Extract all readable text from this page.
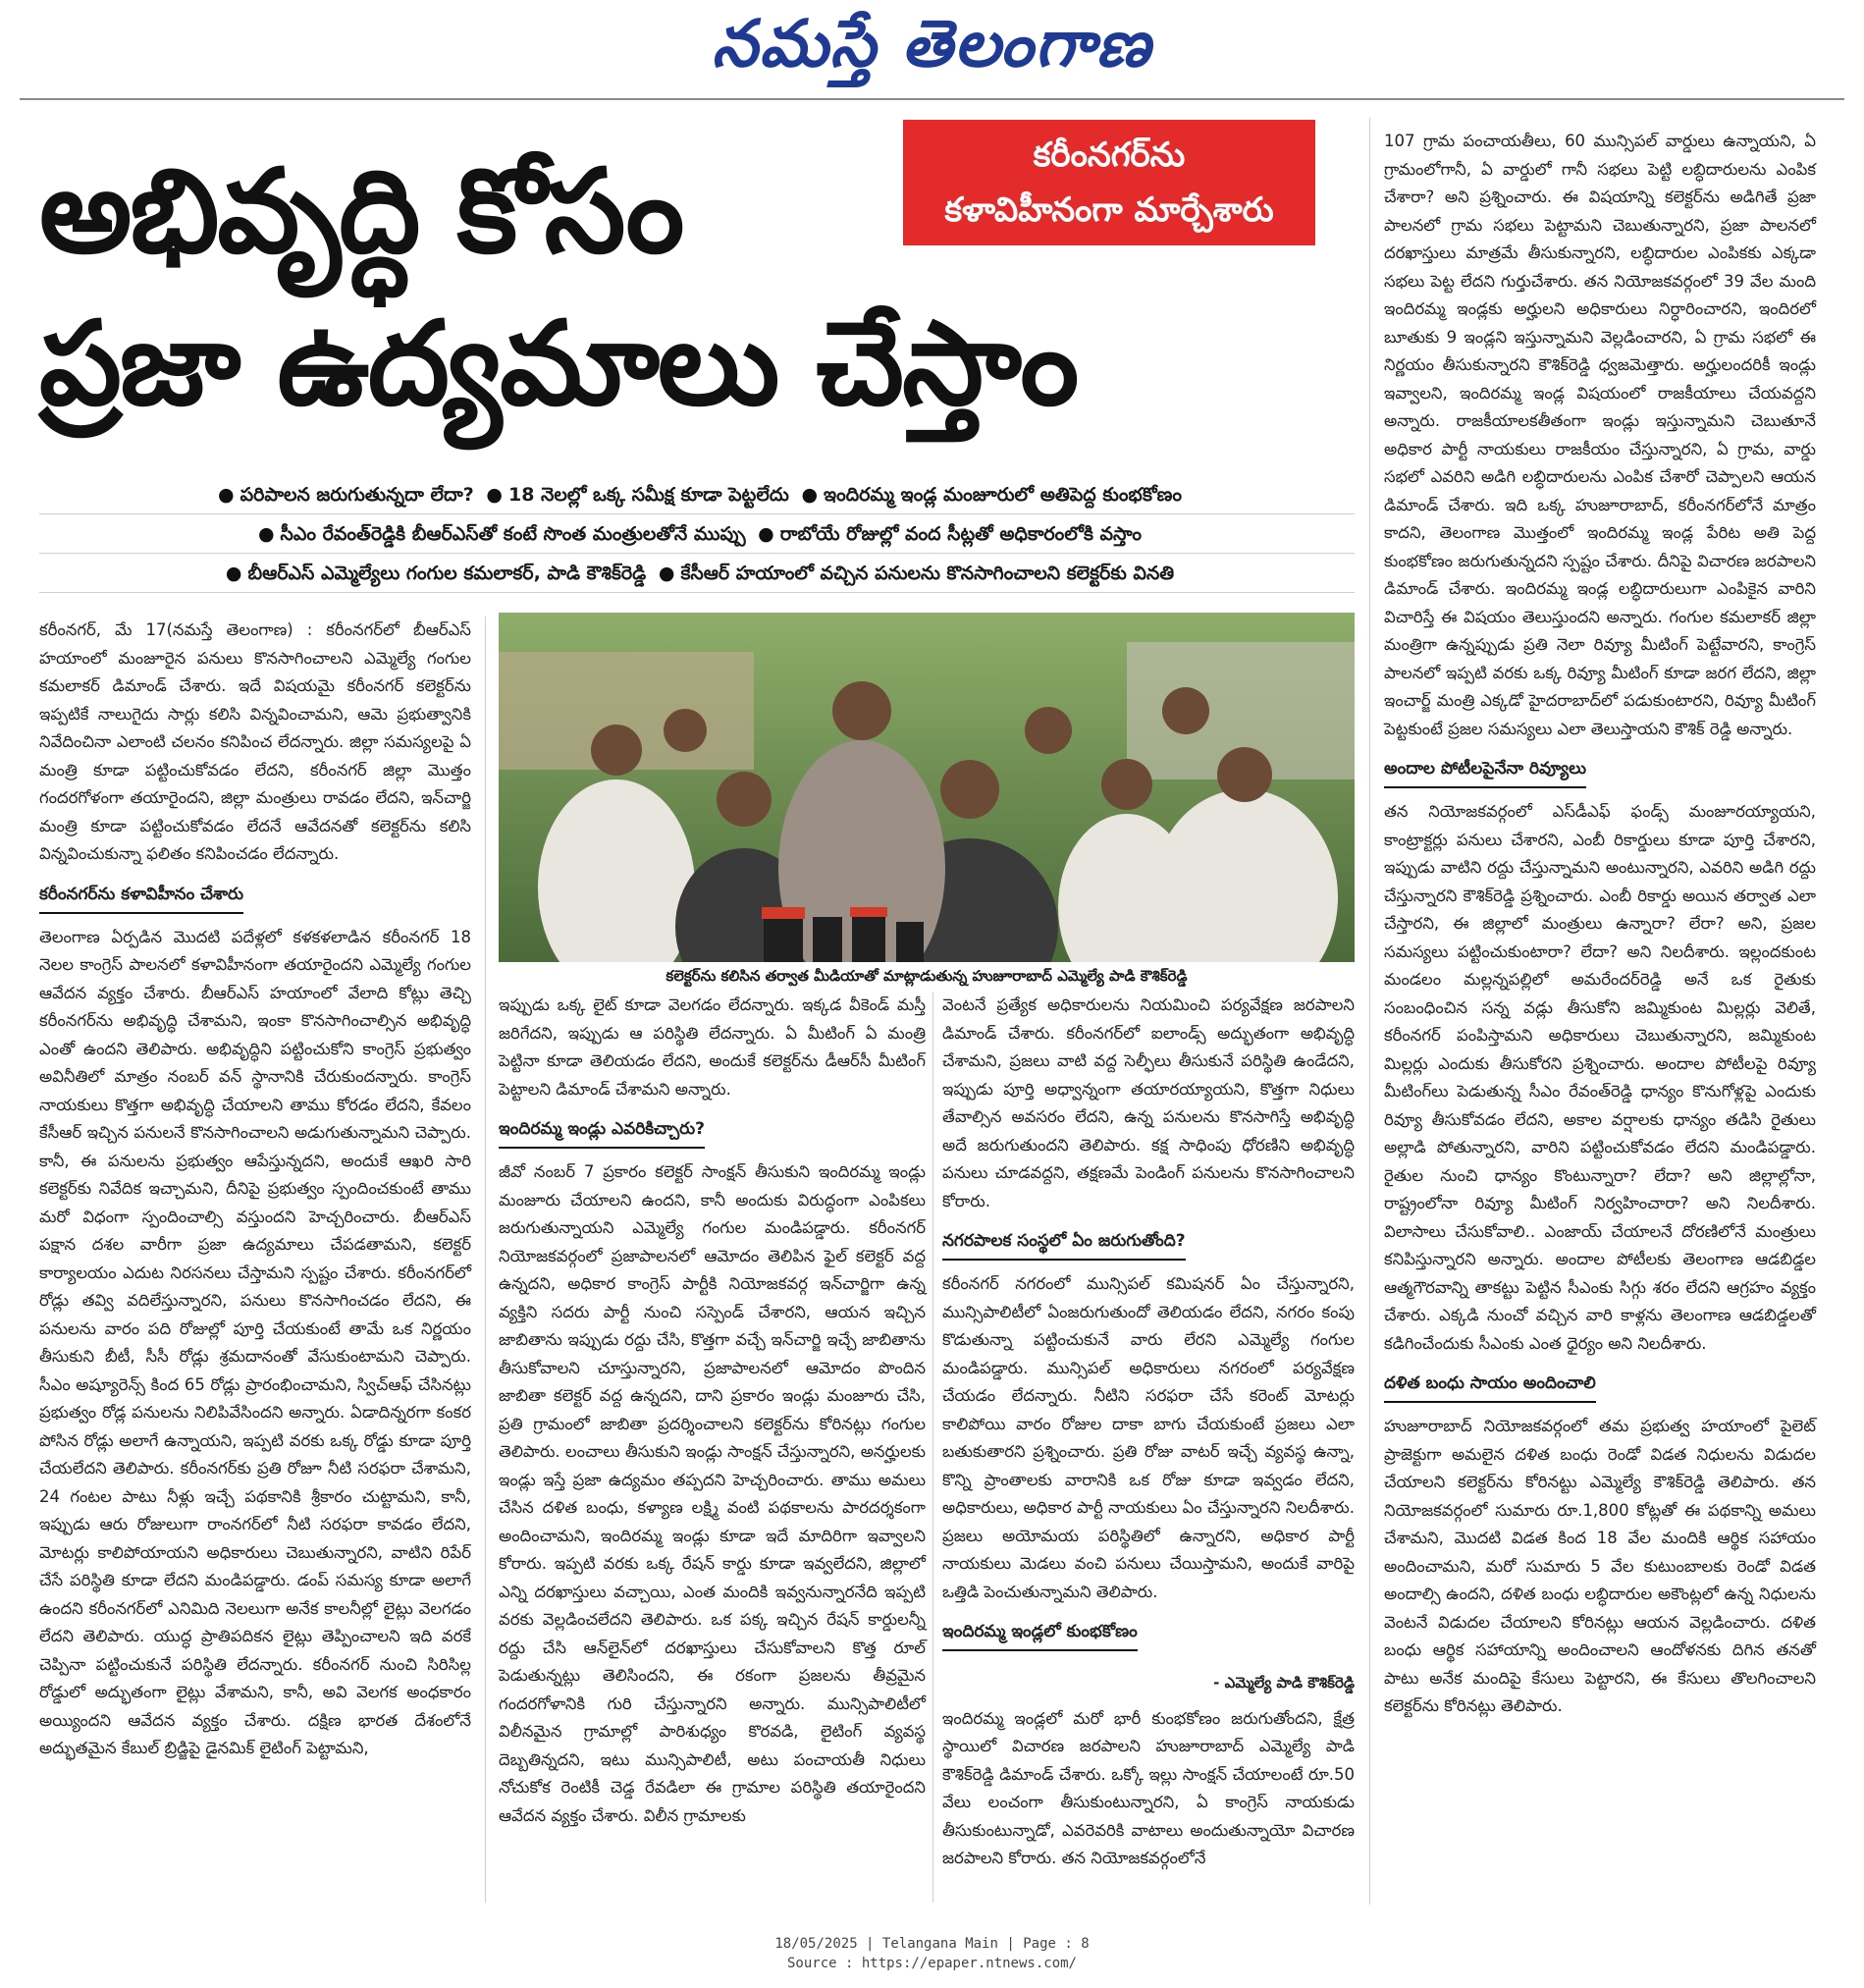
నమస్తే తెలంగాణ
అభివృద్ధి కోసం
ప్రజా ఉద్యమాలు చేస్తాం
కరీంనగర్‌ను
కళావిహీనంగా మార్చేశారు
● పరిపాలన జరుగుతున్నదా లేదా? ● 18 నెలల్లో ఒక్క సమీక్ష కూడా పెట్టలేదు ● ఇందిరమ్మ ఇండ్ల మంజూరులో అతిపెద్ద కుంభకోణం
● సీఎం రేవంత్‌రెడ్డికి బీఆర్‌ఎస్‌తో కంటే సొంత మంత్రులతోనే ముప్పు ● రాబోయే రోజుల్లో వంద సీట్లతో అధికారంలోకి వస్తాం
● బీఆర్‌ఎస్ ఎమ్మెల్యేలు గంగుల కమలాకర్, పాడి కౌశిక్‌రెడ్డి ● కేసీఆర్ హయాంలో వచ్చిన పనులను కొనసాగించాలని కలెక్టర్‌కు వినతి
కలెక్టర్‌ను కలిసిన తర్వాత మీడియాతో మాట్లాడుతున్న హుజూరాబాద్ ఎమ్మెల్యే పాడి కౌశిక్‌రెడ్డి

కరీంనగర్, మే 17(నమస్తే తెలంగాణ) : కరీంనగర్‌లో బీఆర్‌ఎస్ హయాంలో మంజూరైన పనులు కొనసాగించాలని ఎమ్మెల్యే గంగుల కమలాకర్ డిమాండ్ చేశారు. ఇదే విషయమై కరీంనగర్ కలెక్టర్‌ను ఇప్పటికే నాలుగైదు సార్లు కలిసి విన్నవించామని, ఆమె ప్రభుత్వానికి నివేదించినా ఎలాంటి చలనం కనిపించ లేదన్నారు. జిల్లా సమస్యలపై ఏ మంత్రి కూడా పట్టించుకోవడం లేదని, కరీంనగర్ జిల్లా మొత్తం గందరగోళంగా తయారైందని, జిల్లా మంత్రులు రావడం లేదని, ఇన్‌చార్జి మంత్రి కూడా పట్టించుకోవడం లేదనే ఆవేదనతో కలెక్టర్‌ను కలిసి విన్నవించుకున్నా ఫలితం కనిపించడం లేదన్నారు.

కరీంనగర్‌ను కళావిహీనం చేశారు

తెలంగాణ ఏర్పడిన మొదటి పదేళ్లలో కళకళలాడిన కరీంనగర్ 18 నెలల కాంగ్రెస్ పాలనలో కళావిహీనంగా తయారైందని ఎమ్మెల్యే గంగుల ఆవేదన వ్యక్తం చేశారు. బీఆర్‌ఎస్ హయాంలో వేలాది కోట్లు తెచ్చి కరీంనగర్‌ను అభివృద్ధి చేశామని, ఇంకా కొనసాగించాల్సిన అభివృద్ధి ఎంతో ఉందని తెలిపారు. అభివృద్ధిని పట్టించుకోని కాంగ్రెస్ ప్రభుత్వం అవినీతిలో మాత్రం నంబర్ వన్ స్థానానికి చేరుకుందన్నారు. కాంగ్రెస్ నాయకులు కొత్తగా అభివృద్ధి చేయాలని తాము కోరడం లేదని, కేవలం కేసీఆర్ ఇచ్చిన పనులనే కొనసాగించాలని అడుగుతున్నామని చెప్పారు. కానీ, ఈ పనులను ప్రభుత్వం ఆపేస్తున్నదని, అందుకే ఆఖరి సారి కలెక్టర్‌కు నివేదిక ఇచ్చామని, దీనిపై ప్రభుత్వం స్పందించకుంటే తాము మరో విధంగా స్పందించాల్సి వస్తుందని హెచ్చరించారు. బీఆర్‌ఎస్ పక్షాన దశల వారీగా ప్రజా ఉద్యమాలు చేపడతామని, కలెక్టర్ కార్యాలయం ఎదుట నిరసనలు చేస్తామని స్పష్టం చేశారు. కరీంనగర్‌లో రోడ్లు తవ్వి వదిలేస్తున్నారని, పనులు కొనసాగించడం లేదని, ఈ పనులను వారం పది రోజుల్లో పూర్తి చేయకుంటే తామే ఒక నిర్ణయం తీసుకుని బీటీ, సీసీ రోడ్లు శ్రమదానంతో వేసుకుంటామని చెప్పారు. సీఎం అష్యూరెన్స్ కింద 65 రోడ్లు ప్రారంభించామని, స్విచ్ఆఫ్ చేసినట్లు ప్రభుత్వం రోడ్ల పనులను నిలిపివేసిందని అన్నారు. ఏడాదిన్నరగా కంకర పోసిన రోడ్లు అలాగే ఉన్నాయని, ఇప్పటి వరకు ఒక్క రోడ్డు కూడా పూర్తి చేయలేదని తెలిపారు. కరీంనగర్‌కు ప్రతి రోజూ నీటి సరఫరా చేశామని, 24 గంటల పాటు నీళ్లు ఇచ్చే పథకానికి శ్రీకారం చుట్టామని, కానీ, ఇప్పుడు ఆరు రోజులుగా రాంనగర్‌లో నీటి సరఫరా కావడం లేదని, మోటర్లు కాలిపోయాయని అధికారులు చెబుతున్నారని, వాటిని రిపేర్ చేసే పరిస్థితి కూడా లేదని మండిపడ్డారు. డంప్ సమస్య కూడా అలాగే ఉందని కరీంనగర్‌లో ఎనిమిది నెలలుగా అనేక కాలనీల్లో లైట్లు వెలగడం లేదని తెలిపారు. యుద్ధ ప్రాతిపదికన లైట్లు తెప్పించాలని ఇది వరకే చెప్పినా పట్టించుకునే పరిస్థితి లేదన్నారు. కరీంనగర్ నుంచి సిరిసిల్ల రోడ్డులో అద్భుతంగా లైట్లు వేశామని, కానీ, అవి వెలగక అంధకారం అయ్యిందని ఆవేదన వ్యక్తం చేశారు. దక్షిణ భారత దేశంలోనే అద్భుతమైన కేబుల్ బ్రిడ్జిపై డైనమిక్ లైటింగ్ పెట్టామని,

ఇప్పుడు ఒక్క లైట్ కూడా వెలగడం లేదన్నారు. ఇక్కడ వీకెండ్ మస్తీ జరిగేదని, ఇప్పుడు ఆ పరిస్థితి లేదన్నారు. ఏ మీటింగ్ ఏ మంత్రి పెట్టినా కూడా తెలియడం లేదని, అందుకే కలెక్టర్‌ను డీఆర్‌సీ మీటింగ్ పెట్టాలని డిమాండ్ చేశామని అన్నారు.

ఇందిరమ్మ ఇండ్లు ఎవరికిచ్చారు?

జీవో నంబర్ 7 ప్రకారం కలెక్టర్ సాంక్షన్ తీసుకుని ఇందిరమ్మ ఇండ్లు మంజూరు చేయాలని ఉందని, కానీ అందుకు విరుద్ధంగా ఎంపికలు జరుగుతున్నాయని ఎమ్మెల్యే గంగుల మండిపడ్డారు. కరీంనగర్ నియోజకవర్గంలో ప్రజాపాలనలో ఆమోదం తెలిపిన ఫైల్ కలెక్టర్ వద్ద ఉన్నదని, అధికార కాంగ్రెస్ పార్టీకి నియోజకవర్గ ఇన్‌చార్జిగా ఉన్న వ్యక్తిని సదరు పార్టీ నుంచి సస్పెండ్ చేశారని, ఆయన ఇచ్చిన జాబితాను ఇప్పుడు రద్దు చేసి, కొత్తగా వచ్చే ఇన్‌చార్జి ఇచ్చే జాబితాను తీసుకోవాలని చూస్తున్నారని, ప్రజాపాలనలో ఆమోదం పొందిన జాబితా కలెక్టర్ వద్ద ఉన్నదని, దాని ప్రకారం ఇండ్లు మంజూరు చేసి, ప్రతి గ్రామంలో జాబితా ప్రదర్శించాలని కలెక్టర్‌ను కోరినట్లు గంగుల తెలిపారు. లంచాలు తీసుకుని ఇండ్లు సాంక్షన్ చేస్తున్నారని, అనర్హులకు ఇండ్లు ఇస్తే ప్రజా ఉద్యమం తప్పదని హెచ్చరించారు. తాము అమలు చేసిన దళిత బంధు, కళ్యాణ లక్ష్మి వంటి పథకాలను పారదర్శకంగా అందించామని, ఇందిరమ్మ ఇండ్లు కూడా ఇదే మాదిరిగా ఇవ్వాలని కోరారు. ఇప్పటి వరకు ఒక్క రేషన్ కార్డు కూడా ఇవ్వలేదని, జిల్లాలో ఎన్ని దరఖాస్తులు వచ్చాయి, ఎంత మందికి ఇవ్వనున్నారనేది ఇప్పటి వరకు వెల్లడించలేదని తెలిపారు. ఒక పక్క ఇచ్చిన రేషన్ కార్డులన్నీ రద్దు చేసి ఆన్‌లైన్‌లో దరఖాస్తులు చేసుకోవాలని కొత్త రూల్ పెడుతున్నట్లు తెలిసిందని, ఈ రకంగా ప్రజలను తీవ్రమైన గందరగోళానికి గురి చేస్తున్నారని అన్నారు. మున్సిపాలిటీలో విలీనమైన గ్రామాల్లో పారిశుధ్యం కొరవడి, లైటింగ్ వ్యవస్థ దెబ్బతిన్నదని, ఇటు మున్సిపాలిటీ, అటు పంచాయతీ నిధులు నోచుకోక రెంటికీ చెడ్డ రేవడిలా ఈ గ్రామాల పరిస్థితి తయారైందని ఆవేదన వ్యక్తం చేశారు. విలీన గ్రామాలకు

వెంటనే ప్రత్యేక అధికారులను నియమించి పర్యవేక్షణ జరపాలని డిమాండ్ చేశారు. కరీంనగర్‌లో ఐలాండ్స్ అద్భుతంగా అభివృద్ధి చేశామని, ప్రజలు వాటి వద్ద సెల్ఫీలు తీసుకునే పరిస్థితి ఉండేదని, ఇప్పుడు పూర్తి అధ్వాన్నంగా తయారయ్యాయని, కొత్తగా నిధులు తేవాల్సిన అవసరం లేదని, ఉన్న పనులను కొనసాగిస్తే అభివృద్ధి అదే జరుగుతుందని తెలిపారు. కక్ష సాధింపు ధోరణిని అభివృద్ధి పనులు చూడవద్దని, తక్షణమే పెండింగ్ పనులను కొనసాగించాలని కోరారు.

నగరపాలక సంస్థలో ఏం జరుగుతోంది?

కరీంనగర్ నగరంలో మున్సిపల్ కమిషనర్ ఏం చేస్తున్నారని, మున్సిపాలిటీలో ఏంజరుగుతుందో తెలియడం లేదని, నగరం కంపు కొడుతున్నా పట్టించుకునే వారు లేరని ఎమ్మెల్యే గంగుల మండిపడ్డారు. మున్సిపల్ అధికారులు నగరంలో పర్యవేక్షణ చేయడం లేదన్నారు. నీటిని సరఫరా చేసే కరెంట్ మోటర్లు కాలిపోయి వారం రోజుల దాకా బాగు చేయకుంటే ప్రజలు ఎలా బతుకుతారని ప్రశ్నించారు. ప్రతి రోజు వాటర్ ఇచ్చే వ్యవస్థ ఉన్నా, కొన్ని ప్రాంతాలకు వారానికి ఒక రోజు కూడా ఇవ్వడం లేదని, అధికారులు, అధికార పార్టీ నాయకులు ఏం చేస్తున్నారని నిలదీశారు. ప్రజలు అయోమయ పరిస్థితిలో ఉన్నారని, అధికార పార్టీ నాయకులు మెడలు వంచి పనులు చేయిస్తామని, అందుకే వారిపై ఒత్తిడి పెంచుతున్నామని తెలిపారు.

ఇందిరమ్మ ఇండ్లలో కుంభకోణం
- ఎమ్మెల్యే పాడి కౌశిక్‌రెడ్డి

ఇందిరమ్మ ఇండ్లలో మరో భారీ కుంభకోణం జరుగుతోందని, క్షేత్ర స్థాయిలో విచారణ జరపాలని హుజూరాబాద్ ఎమ్మెల్యే పాడి కౌశిక్‌రెడ్డి డిమాండ్ చేశారు. ఒక్కో ఇల్లు సాంక్షన్ చేయాలంటే రూ.50 వేలు లంచంగా తీసుకుంటున్నారని, ఏ కాంగ్రెస్ నాయకుడు తీసుకుంటున్నాడో, ఎవరెవరికి వాటాలు అందుతున్నాయో విచారణ జరపాలని కోరారు. తన నియోజకవర్గంలోనే

107 గ్రామ పంచాయతీలు, 60 మున్సిపల్ వార్డులు ఉన్నాయని, ఏ గ్రామంలోగానీ, ఏ వార్డులో గానీ సభలు పెట్టి లబ్ధిదారులను ఎంపిక చేశారా? అని ప్రశ్నించారు. ఈ విషయాన్ని కలెక్టర్‌ను అడిగితే ప్రజా పాలనలో గ్రామ సభలు పెట్టామని చెబుతున్నారని, ప్రజా పాలనలో దరఖాస్తులు మాత్రమే తీసుకున్నారని, లబ్ధిదారుల ఎంపికకు ఎక్కడా సభలు పెట్ట లేదని గుర్తుచేశారు. తన నియోజకవర్గంలో 39 వేల మంది ఇందిరమ్మ ఇండ్లకు అర్హులని అధికారులు నిర్ధారించారని, ఇందిరలో బూతుకు 9 ఇండ్లని ఇస్తున్నామని వెల్లడించారని, ఏ గ్రామ సభలో ఈ నిర్ణయం తీసుకున్నారని కౌశిక్‌రెడ్డి ధ్వజమెత్తారు. అర్హులందరికీ ఇండ్లు ఇవ్వాలని, ఇందిరమ్మ ఇండ్ల విషయంలో రాజకీయాలు చేయవద్దని అన్నారు. రాజకీయాలకతీతంగా ఇండ్లు ఇస్తున్నామని చెబుతూనే అధికార పార్టీ నాయకులు రాజకీయం చేస్తున్నారని, ఏ గ్రామ, వార్డు సభలో ఎవరిని అడిగి లబ్ధిదారులను ఎంపిక చేశారో చెప్పాలని ఆయన డిమాండ్ చేశారు. ఇది ఒక్క హుజూరాబాద్, కరీంనగర్‌లోనే మాత్రం కాదని, తెలంగాణ మొత్తంలో ఇందిరమ్మ ఇండ్ల పేరిట అతి పెద్ద కుంభకోణం జరుగుతున్నదని స్పష్టం చేశారు. దీనిపై విచారణ జరపాలని డిమాండ్ చేశారు. ఇందిరమ్మ ఇండ్ల లబ్ధిదారులుగా ఎంపికైన వారిని విచారిస్తే ఈ విషయం తెలుస్తుందని అన్నారు. గంగుల కమలాకర్ జిల్లా మంత్రిగా ఉన్నప్పుడు ప్రతి నెలా రివ్యూ మీటింగ్ పెట్టేవారని, కాంగ్రెస్ పాలనలో ఇప్పటి వరకు ఒక్క రివ్యూ మీటింగ్ కూడా జరగ లేదని, జిల్లా ఇంచార్జ్ మంత్రి ఎక్కడో హైదరాబాద్‌లో పడుకుంటారని, రివ్యూ మీటింగ్ పెట్టకుంటే ప్రజల సమస్యలు ఎలా తెలుస్తాయని కౌశిక్ రెడ్డి అన్నారు.

అందాల పోటీలపైనేనా రివ్యూలు

తన నియోజకవర్గంలో ఎస్‌డీఎఫ్ ఫండ్స్ మంజూరయ్యాయని, కాంట్రాక్టర్లు పనులు చేశారని, ఎంబీ రికార్డులు కూడా పూర్తి చేశారని, ఇప్పుడు వాటిని రద్దు చేస్తున్నామని అంటున్నారని, ఎవరిని అడిగి రద్దు చేస్తున్నారని కౌశిక్‌రెడ్డి ప్రశ్నించారు. ఎంబీ రికార్డు అయిన తర్వాత ఎలా చేస్తారని, ఈ జిల్లాలో మంత్రులు ఉన్నారా? లేరా? అని, ప్రజల సమస్యలు పట్టించుకుంటారా? లేదా? అని నిలదీశారు. ఇల్లందకుంట మండలం మల్లన్నపల్లిలో అమరేందర్‌రెడ్డి అనే ఒక రైతుకు సంబంధించిన సన్న వడ్లు తీసుకోని జమ్మికుంట మిల్లర్లు వెలితే, కరీంనగర్ పంపిస్తామని అధికారులు చెబుతున్నారని, జమ్మికుంట మిల్లర్లు ఎందుకు తీసుకోరని ప్రశ్నించారు. అందాల పోటీలపై రివ్యూ మీటింగ్‌లు పెడుతున్న సీఎం రేవంత్‌రెడ్డి ధాన్యం కొనుగోళ్లపై ఎందుకు రివ్యూ తీసుకోవడం లేదని, అకాల వర్షాలకు ధాన్యం తడిసి రైతులు అల్లాడి పోతున్నారని, వారిని పట్టించుకోవడం లేదని మండిపడ్డారు. రైతుల నుంచి ధాన్యం కొంటున్నారా? లేదా? అని జిల్లాల్లోనా, రాష్ట్రంలోనా రివ్యూ మీటింగ్ నిర్వహించారా? అని నిలదీశారు. విలాసాలు చేసుకోవాలి.. ఎంజాయ్ చేయాలనే దోరణిలోనే మంత్రులు కనిపిస్తున్నారని అన్నారు. అందాల పోటీలకు తెలంగాణ ఆడబిడ్డల ఆత్మగౌరవాన్ని తాకట్టు పెట్టిన సీఎంకు సిగ్గు శరం లేదని ఆగ్రహం వ్యక్తం చేశారు. ఎక్కడి నుంచో వచ్చిన వారి కాళ్లను తెలంగాణ ఆడబిడ్డలతో కడిగించేందుకు సీఎంకు ఎంత ధైర్యం అని నిలదీశారు.

దళిత బంధు సాయం అందించాలి

హుజూరాబాద్ నియోజకవర్గంలో తమ ప్రభుత్వ హయాంలో పైలెట్ ప్రాజెక్టుగా అమలైన దళిత బంధు రెండో విడత నిధులను విడుదల చేయాలని కలెక్టర్‌ను కోరినట్టు ఎమ్మెల్యే కౌశిక్‌రెడ్డి తెలిపారు. తన నియోజకవర్గంలో సుమారు రూ.1,800 కోట్లతో ఈ పథకాన్ని అమలు చేశామని, మొదటి విడత కింద 18 వేల మందికి ఆర్థిక సహాయం అందించామని, మరో సుమారు 5 వేల కుటుంబాలకు రెండో విడత అందాల్సి ఉందని, దళిత బంధు లబ్ధిదారుల అకౌంట్లలో ఉన్న నిధులను వెంటనే విడుదల చేయాలని కోరినట్లు ఆయన వెల్లడించారు. దళిత బంధు ఆర్థిక సహాయాన్ని అందించాలని ఆందోళనకు దిగిన తనతో పాటు అనేక మందిపై కేసులు పెట్టారని, ఈ కేసులు తొలగించాలని కలెక్టర్‌ను కోరినట్లు తెలిపారు.

18/05/2025 | Telangana Main | Page : 8
Source : https://epaper.ntnews.com/
